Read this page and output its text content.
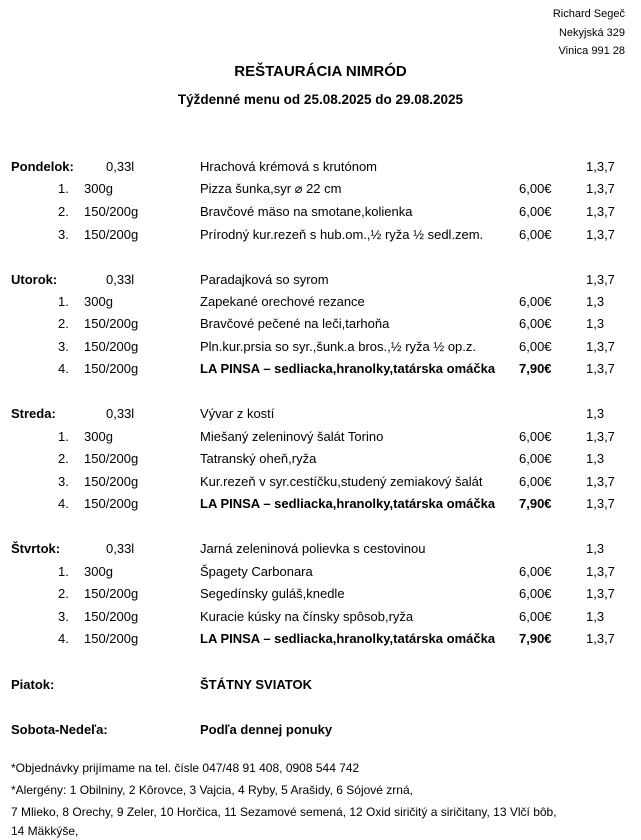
Richard Segeč
Nekyjská 329
Vinica 991 28
REŠTAURÁCIA NIMRÓD
Týždenné menu od 25.08.2025 do 29.08.2025
Pondelok: 0,33l	Hrachová krémová s krutónom	1,3,7
1. 300g	Pizza šunka,syr ⌀ 22 cm	6,00€	1,3,7
2. 150/200g	Bravčové mäso na smotane,kolienka	6,00€	1,3,7
3. 150/200g	Prírodný kur.rezeň s hub.om.,½ ryža ½ sedl.zem.	6,00€	1,3,7
Utorok:	0,33l	Paradajková so syrom	1,3,7
1. 300g	Zapekané orechové rezance	6,00€	1,3
2. 150/200g	Bravčové pečené na leči,tarhoňa	6,00€	1,3
3. 150/200g	Pln.kur.prsia so syr.,šunk.a bros.,½ ryža ½ op.z.	6,00€	1,3,7
4. 150/200g	LA PINSA – sedliacka,hranolky,tatárska omáčka 7,90€	1,3,7
Streda:	0,33l	Vývar z kostí	1,3
1. 300g	Miešaný zeleninový šalát Torino	6,00€	1,3,7
2. 150/200g	Tatranský oheň,ryža	6,00€	1,3
3. 150/200g	Kur.rezeň v syr.cestíčku,studený zemiakový šalát	6,00€	1,3,7
4. 150/200g	LA PINSA – sedliacka,hranolky,tatárska omáčka 7,90€	1,3,7
Štvrtok:	0,33l	Jarná zeleninová polievka s cestovinou	1,3
1. 300g	Špagety Carbonara	6,00€	1,3,7
2. 150/200g	Segedínsky guláš,knedle	6,00€	1,3,7
3. 150/200g	Kuracie kúsky na čínsky spôsob,ryža	6,00€	1,3
4. 150/200g	LA PINSA – sedliacka,hranolky,tatárska omáčka 7,90€	1,3,7
Piatok:	ŠTÁTNY SVIATOK
Sobota-Nedeľa:	Podľa dennej ponuky
*Objednávky prijímame na tel. čísle 047/48 91 408, 0908 544 742
*Alergény: 1 Obilniny, 2 Kôrovce, 3 Vajcia, 4 Ryby, 5 Arašidy, 6 Sójové zrná,
7 Mlieko, 8 Orechy, 9 Zeler, 10 Horčica, 11 Sezamové semená, 12 Oxid siričitý a siričitany, 13 Vlčí bôb,
14 Mäkkýše,
